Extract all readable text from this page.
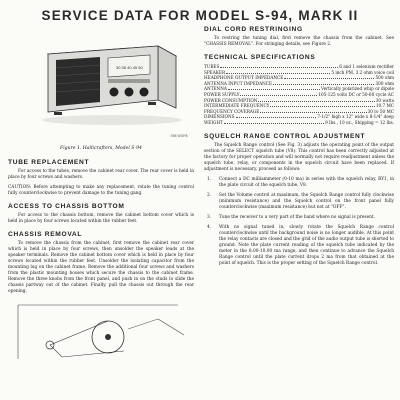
SERVICE DATA FOR MODEL S-94, MARK II
30 35 40 45 50
S94 WORK
Figure 1. Hallicrafters, Model S-94
TUBE REPLACEMENT
For access to the tubes, remove the cabinet rear cover. The rear cover is held in place by four screws and washers.
CAUTION: Before attempting to make any replacement, rotate the tuning control fully counterclockwise to prevent damage to the tuning gang.
ACCESS TO CHASSIS BOTTOM
For access to the chassis bottom, remove the cabinet bottom cover which is held in place by four screws located within the rubber feet.
CHASSIS REMOVAL
To remove the chassis from the cabinet, first remove the cabinet rear cover which is held in place by four screws, then unsolder the speaker leads at the speaker terminals. Remove the cabinet bottom cover which is held in place by four screws located within the rubber feet. Unsolder the isolating capacitor from the mounting lug on the cabinet frame. Remove the additional four screws and washers from the plastic mounting bosses which secure the chassis to the cabinet frame. Remove the three knobs from the front panel, and push in on the studs to slide the chassis partway out of the cabinet. Finally, pull the chassis out through the rear opening.
DIAL CORD RESTRINGING
To restring the tuning dial, first remove the chassis from the cabinet. See "CHASSIS REMOVAL". For stringing details, see Figure 2.
TECHNICAL SPECIFICATIONS
TUBES	6 and 1 selenium rectifier
SPEAKER	5 inch PM, 3.2 ohm voice coil
HEADPHONE OUTPUT IMPEDANCE	500 ohm
ANTENNA INPUT IMPEDANCE	300 ohm
ANTENNA	Vertically polarized whip or dipole
POWER SUPPLY	105-125 volts DC or 50-60 cycle AC
POWER CONSUMPTION	30 watts
INTERMEDIATE FREQUENCY	10.7 MC
FREQUENCY COVERAGE	30 to 50 MC
DIMENSIONS	7-1/2" high x 12" wide x 8-1/4" deep
WEIGHT	9 lbs., 10 oz., Shipping = 12 lbs.
SQUELCH RANGE CONTROL ADJUSTMENT
The Squelch Range control (See Fig. 3) adjusts the operating point of the output section of the SELECT squelch tube (V8). This control has been correctly adjusted at the factory for proper operation and will normally not require readjustment unless the squelch tube, relay, or components in the squelch circuit have been replaced. If adjustment is necessary, proceed as follows:
1.	Connect a DC milliammeter (0-10 ma) in series with the squelch relay, RY1, in the plate circuit of the squelch tube, V8.
2.	Set the Volume control at maximum, the Squelch Range control fully clockwise (minimum resistance) and the Squelch control on the front panel fully counterclockwise (maximum resistance) but not at "OFF".
3.	Tune the receiver to a very part of the band where no signal is present.
4.	With no signal tuned in, slowly rotate the Squelch Range control counterclockwise until the background noise is no longer audible. At this point the relay contacts are closed and the grid of the audio output tube is shorted to ground. Note the plate current reading of the squelch tube indicated by the meter in the 8.00-10.00 ma range, and then continue to advance the Squelch Range control until the plate current drops 2 ma from that obtained at the point of squelch. This is the proper setting of the Squelch Range control.
